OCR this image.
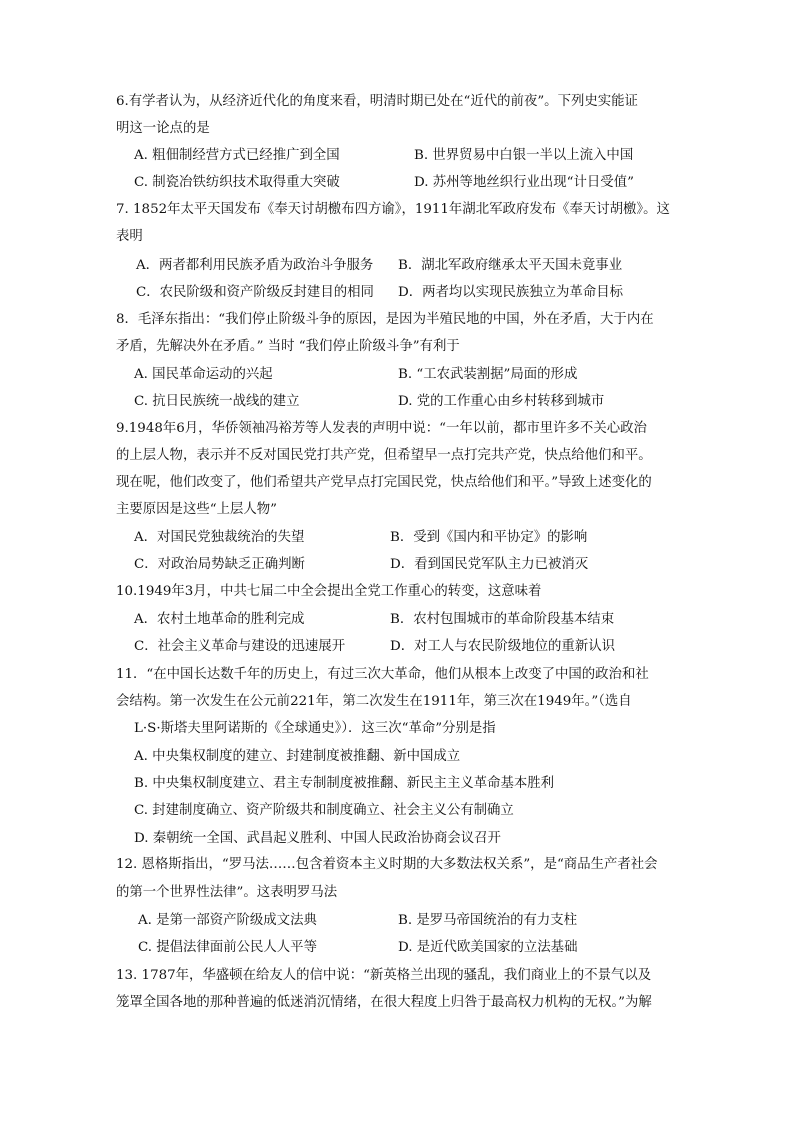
6.有学者认为，从经济近代化的角度来看，明清时期已处在“近代的前夜”。下列史实能证
明这一论点的是
A. 粗佃制经营方式已经推广到全国	B. 世界贸易中白银一半以上流入中国
C. 制瓷冶铁纺织技术取得重大突破	D. 苏州等地丝织行业出现“计日受值”
7. 1852年太平天国发布《奉天讨胡檄布四方谕》，1911年湖北军政府发布《奉天讨胡檄》。这
表明
A．两者都利用民族矛盾为政治斗争服务 B．湖北军政府继承太平天国未竟事业
C．农民阶级和资产阶级反封建目的相同 D．两者均以实现民族独立为革命目标
8．毛泽东指出：“我们停止阶级斗争的原因，是因为半殖民地的中国，外在矛盾，大于内在
矛盾，先解决外在矛盾。” 当时 “我们停止阶级斗争”有利于
A. 国民革命运动的兴起	B. “工农武装割据”局面的形成
C. 抗日民族统一战线的建立	D. 党的工作重心由乡村转移到城市
9.1948年6月，华侨领袖冯裕芳等人发表的声明中说：“一年以前，都市里许多不关心政治
的上层人物，表示并不反对国民党打共产党，但希望早一点打完共产党，快点给他们和平。
现在呢，他们改变了，他们希望共产党早点打完国民党，快点给他们和平。”导致上述变化的
主要原因是这些“上层人物”
A．对国民党独裁统治的失望	B．受到《国内和平协定》的影响
C．对政治局势缺乏正确判断	D．看到国民党军队主力已被消灭
10.1949年3月，中共七届二中全会提出全党工作重心的转变，这意味着
A．农村土地革命的胜利完成	B．农村包围城市的革命阶段基本结束
C．社会主义革命与建设的迅速展开	D．对工人与农民阶级地位的重新认识
11．“在中国长达数千年的历史上，有过三次大革命，他们从根本上改变了中国的政治和社
会结构。第一次发生在公元前221年，第二次发生在1911年，第三次在1949年。”（选自
L·S·斯塔夫里阿诺斯的《全球通史》）．这三次“革命”分别是指
A. 中央集权制度的建立、封建制度被推翻、新中国成立
B. 中央集权制度建立、君主专制制度被推翻、新民主主义革命基本胜利
C. 封建制度确立、资产阶级共和制度确立、社会主义公有制确立
D. 秦朝统一全国、武昌起义胜利、中国人民政治协商会议召开
12. 恩格斯指出，“罗马法……包含着资本主义时期的大多数法权关系”，是“商品生产者社会
的第一个世界性法律”。这表明罗马法
A. 是第一部资产阶级成文法典	B. 是罗马帝国统治的有力支柱
C. 提倡法律面前公民人人平等	D. 是近代欧美国家的立法基础
13. 1787年，华盛顿在给友人的信中说：“新英格兰出现的骚乱，我们商业上的不景气以及
笼罩全国各地的那种普遍的低迷消沉情绪，在很大程度上归咎于最高权力机构的无权。”为解
